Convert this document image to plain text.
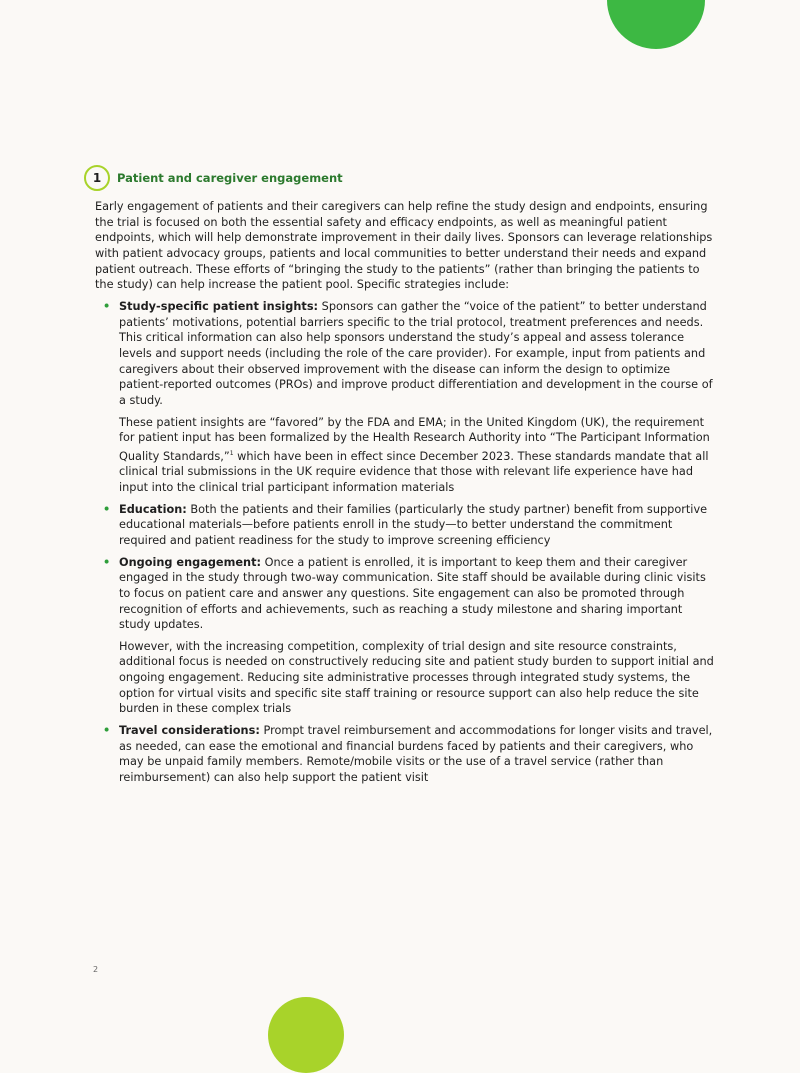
1	Patient and caregiver engagement

Early engagement of patients and their caregivers can help refine the study design and endpoints, ensuring the trial is focused on both the essential safety and efficacy endpoints, as well as meaningful patient endpoints, which will help demonstrate improvement in their daily lives. Sponsors can leverage relationships with patient advocacy groups, patients and local communities to better understand their needs and expand patient outreach. These efforts of “bringing the study to the patients” (rather than bringing the patients to the study) can help increase the patient pool. Specific strategies include:

• Study-specific patient insights: Sponsors can gather the “voice of the patient” to better understand patients’ motivations, potential barriers specific to the trial protocol, treatment preferences and needs. This critical information can also help sponsors understand the study’s appeal and assess tolerance levels and support needs (including the role of the care provider). For example, input from patients and caregivers about their observed improvement with the disease can inform the design to optimize patient-reported outcomes (PROs) and improve product differentiation and development in the course of a study.

These patient insights are “favored” by the FDA and EMA; in the United Kingdom (UK), the requirement for patient input has been formalized by the Health Research Authority into “The Participant Information Quality Standards,”$^1$ which have been in effect since December 2023. These standards mandate that all clinical trial submissions in the UK require evidence that those with relevant life experience have had input into the clinical trial participant information materials

• Education: Both the patients and their families (particularly the study partner) benefit from supportive educational materials—before patients enroll in the study—to better understand the commitment required and patient readiness for the study to improve screening efficiency

• Ongoing engagement: Once a patient is enrolled, it is important to keep them and their caregiver engaged in the study through two-way communication. Site staff should be available during clinic visits to focus on patient care and answer any questions. Site engagement can also be promoted through recognition of efforts and achievements, such as reaching a study milestone and sharing important study updates.

However, with the increasing competition, complexity of trial design and site resource constraints, additional focus is needed on constructively reducing site and patient study burden to support initial and ongoing engagement. Reducing site administrative processes through integrated study systems, the option for virtual visits and specific site staff training or resource support can also help reduce the site burden in these complex trials

• Travel considerations: Prompt travel reimbursement and accommodations for longer visits and travel, as needed, can ease the emotional and financial burdens faced by patients and their caregivers, who may be unpaid family members. Remote/mobile visits or the use of a travel service (rather than reimbursement) can also help support the patient visit

2
